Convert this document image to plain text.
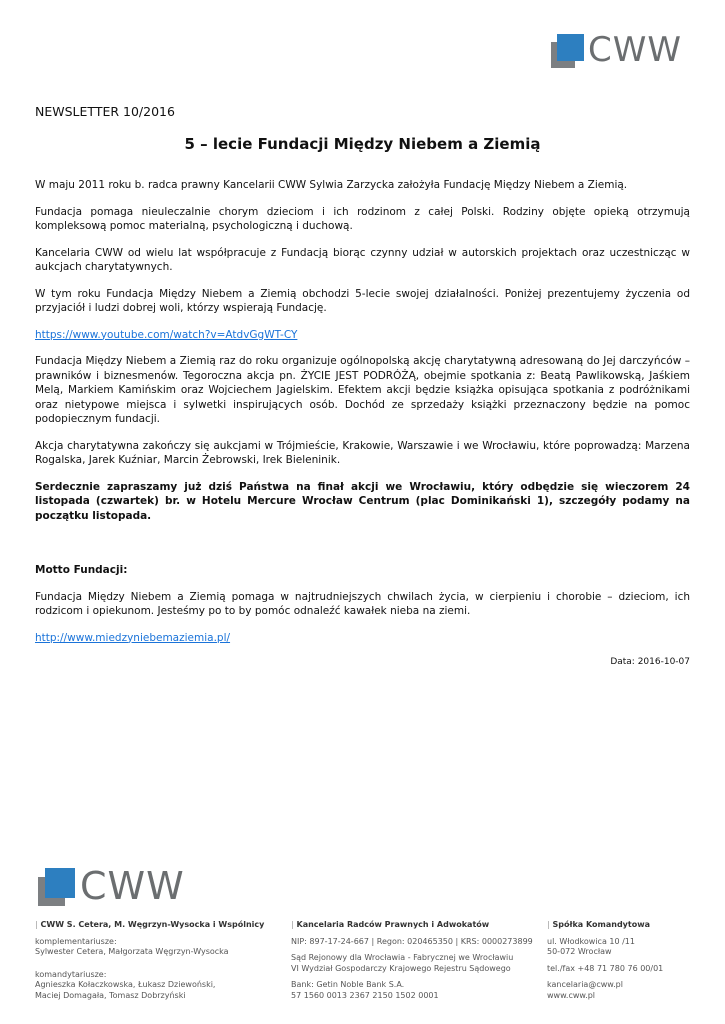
CWW
NEWSLETTER 10/2016
5 – lecie Fundacji Między Niebem a Ziemią

W maju 2011 roku b. radca prawny Kancelarii CWW Sylwia Zarzycka założyła Fundację Między Niebem a Ziemią.

Fundacja pomaga nieuleczalnie chorym dzieciom i ich rodzinom z całej Polski. Rodziny objęte opieką otrzymują kompleksową pomoc materialną, psychologiczną i duchową.

Kancelaria CWW od wielu lat współpracuje z Fundacją biorąc czynny udział w autorskich projektach oraz uczestnicząc w aukcjach charytatywnych.

W tym roku Fundacja Między Niebem a Ziemią obchodzi 5-lecie swojej działalności. Poniżej prezentujemy życzenia od przyjaciół i ludzi dobrej woli, którzy wspierają Fundację.

https://www.youtube.com/watch?v=AtdvGgWT-CY

Fundacja Między Niebem a Ziemią raz do roku organizuje ogólnopolską akcję charytatywną adresowaną do Jej darczyńców – prawników i biznesmenów. Tegoroczna akcja pn. ŻYCIE JEST PODRÓŻĄ, obejmie spotkania z: Beatą Pawlikowską, Jaśkiem Melą, Markiem Kamińskim oraz Wojciechem Jagielskim. Efektem akcji będzie książka opisująca spotkania z podróżnikami oraz nietypowe miejsca i sylwetki inspirujących osób. Dochód ze sprzedaży książki przeznaczony będzie na pomoc podopiecznym fundacji.

Akcja charytatywna zakończy się aukcjami w Trójmieście, Krakowie, Warszawie i we Wrocławiu, które poprowadzą: Marzena Rogalska, Jarek Kuźniar, Marcin Żebrowski, Irek Bieleninik.

Serdecznie zapraszamy już dziś Państwa na finał akcji we Wrocławiu, który odbędzie się wieczorem 24 listopada (czwartek) br. w Hotelu Mercure Wrocław Centrum (plac Dominikański 1), szczegóły podamy na początku listopada.

Motto Fundacji:

Fundacja Między Niebem a Ziemią pomaga w najtrudniejszych chwilach życia, w cierpieniu i chorobie – dzieciom, ich rodzicom i opiekunom. Jesteśmy po to by pomóc odnaleźć kawałek nieba na ziemi.

http://www.miedzyniebemaziemia.pl/

Data: 2016-10-07
CWW
| CWW S. Cetera, M. Węgrzyn-Wysocka i Wspólnicy
komplementariusze:
Sylwester Cetera, Małgorzata Węgrzyn-Wysocka
komandytariusze:
Agnieszka Kołaczkowska, Łukasz Dziewoński,
Maciej Domagała, Tomasz Dobrzyński
| Kancelaria Radców Prawnych i Adwokatów
NIP: 897-17-24-667 | Regon: 020465350 | KRS: 0000273899
Sąd Rejonowy dla Wrocławia - Fabrycznej we Wrocławiu
VI Wydział Gospodarczy Krajowego Rejestru Sądowego
Bank: Getin Noble Bank S.A.
57 1560 0013 2367 2150 1502 0001
| Spółka Komandytowa
ul. Włodkowica 10 /11
50-072 Wrocław
tel./fax +48 71 780 76 00/01
kancelaria@cww.pl
www.cww.pl
